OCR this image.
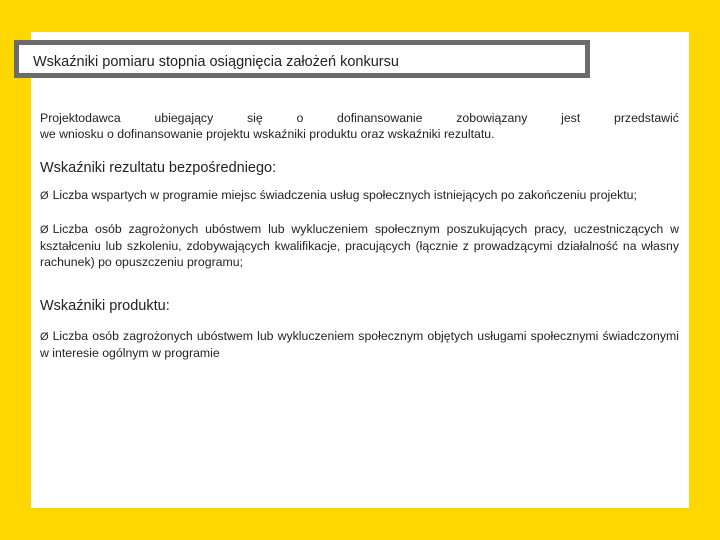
Wskaźniki pomiaru stopnia osiągnięcia założeń konkursu
Projektodawca	ubiegający	się	o	dofinansowanie	zobowiązany	jest	przedstawić
we wniosku o dofinansowanie projektu wskaźniki produktu oraz wskaźniki rezultatu.
Wskaźniki rezultatu bezpośredniego:
Ø Liczba wspartych w programie miejsc świadczenia usług społecznych istniejących po zakończeniu projektu;
Ø Liczba osób zagrożonych ubóstwem lub wykluczeniem społecznym poszukujących pracy, uczestniczących w kształceniu lub szkoleniu, zdobywających kwalifikacje, pracujących (łącznie z prowadzącymi działalność na własny rachunek) po opuszczeniu programu;
Wskaźniki produktu:
Ø Liczba osób zagrożonych ubóstwem lub wykluczeniem społecznym objętych usługami społecznymi świadczonymi w interesie ogólnym w programie
